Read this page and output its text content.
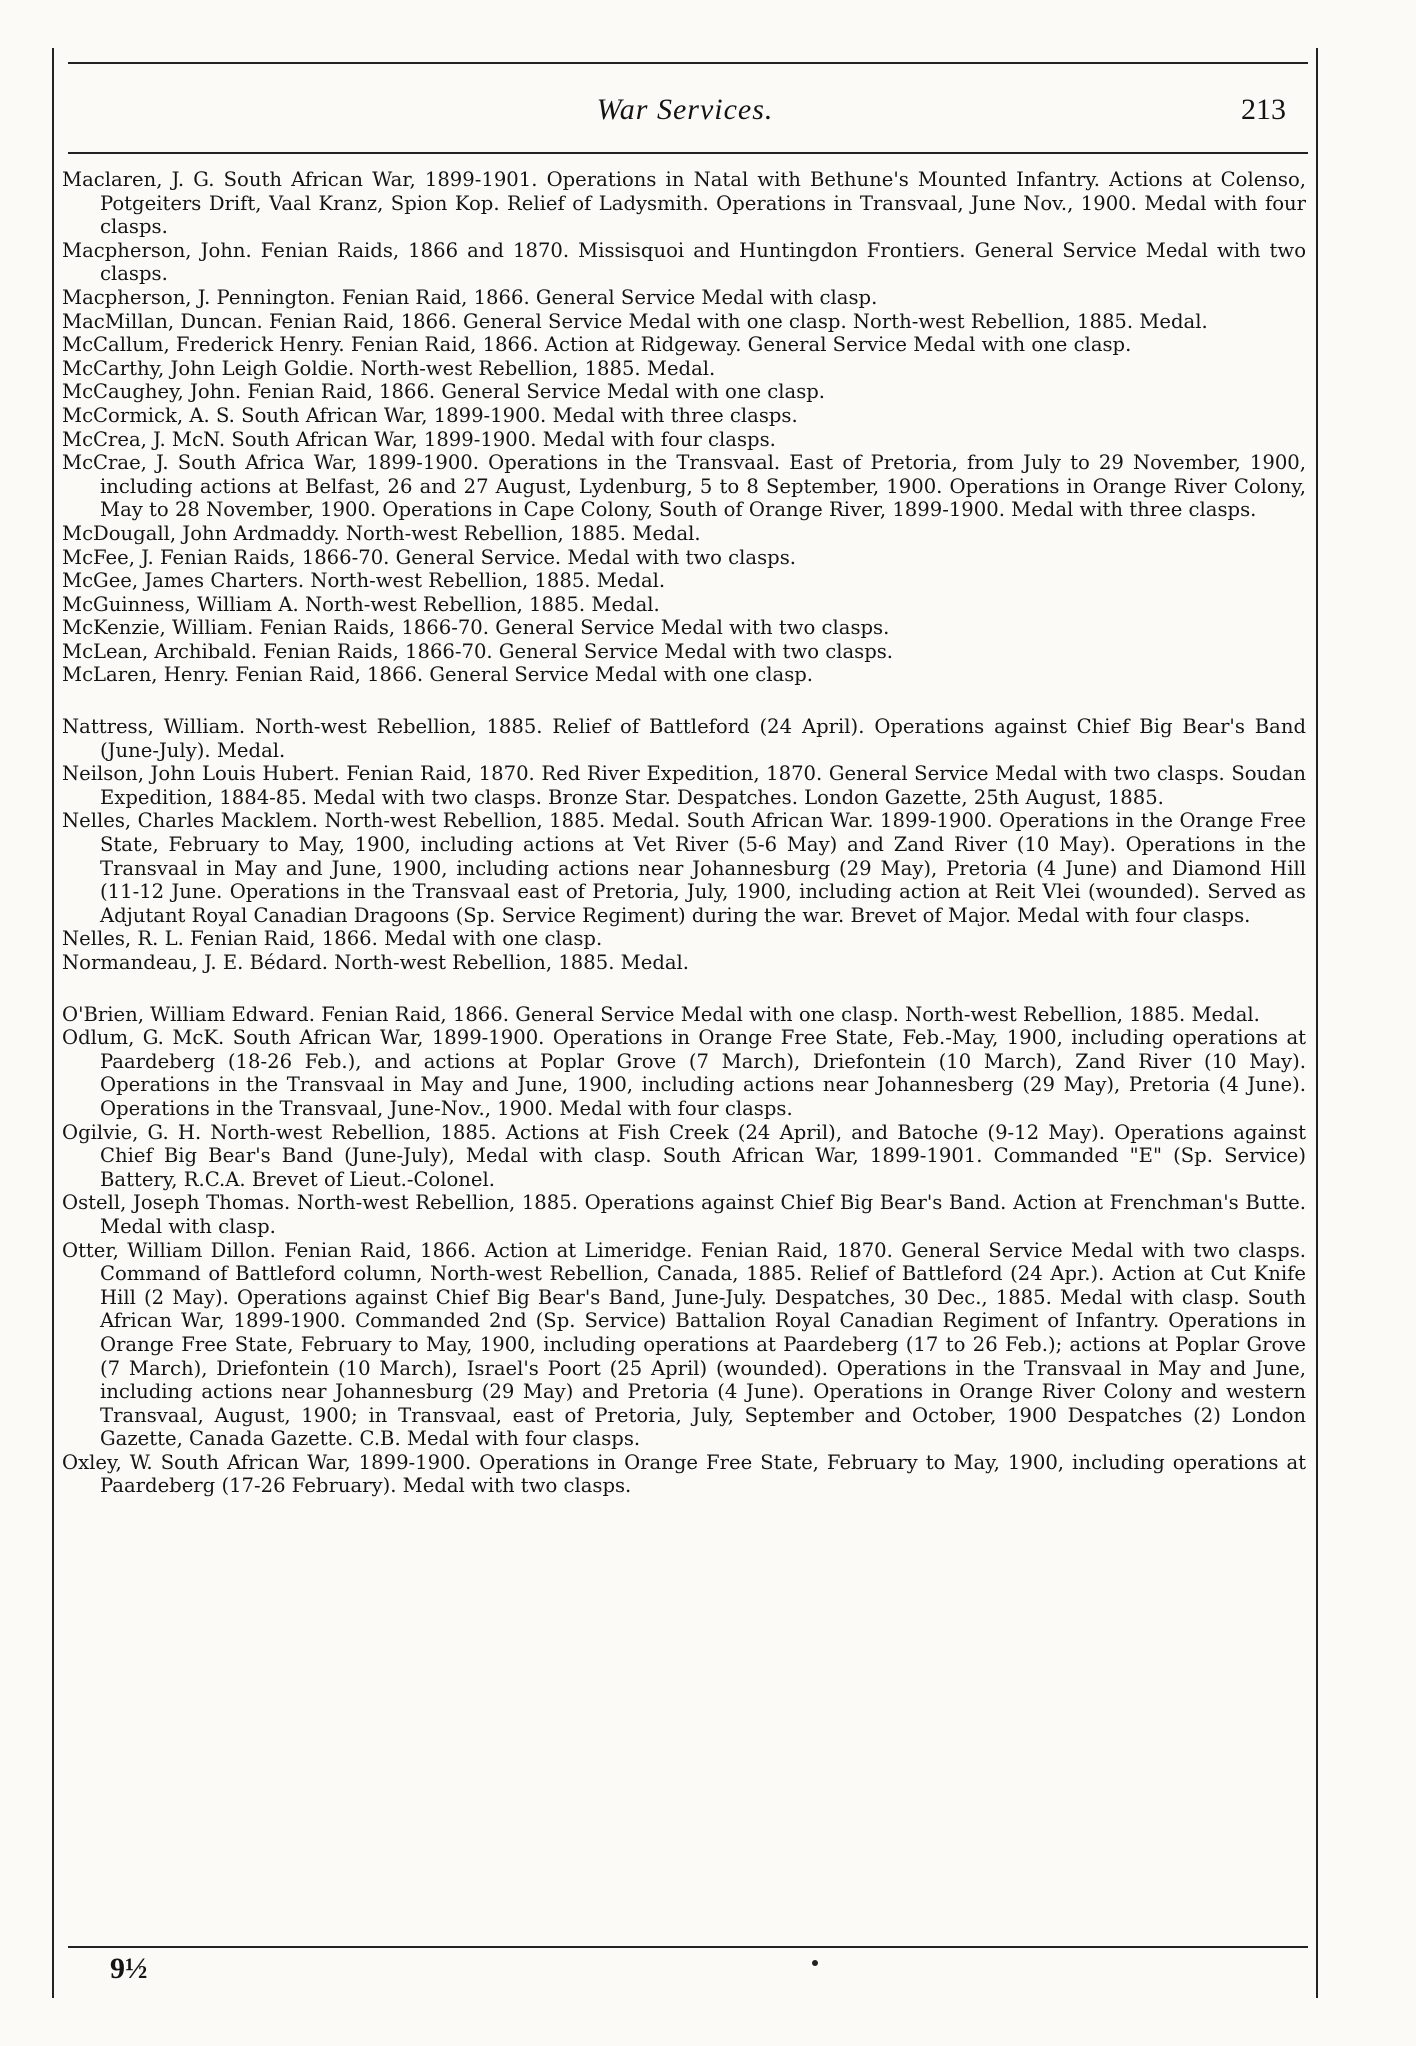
War Services.	213

Maclaren, J. G. South African War, 1899-1901. Operations in Natal with Bethune's Mounted Infantry. Actions at Colenso, Potgeiters Drift, Vaal Kranz, Spion Kop. Relief of Ladysmith. Operations in Transvaal, June Nov., 1900. Medal with four clasps.

Macpherson, John. Fenian Raids, 1866 and 1870. Missisquoi and Huntingdon Frontiers. General Service Medal with two clasps.

Macpherson, J. Pennington. Fenian Raid, 1866. General Service Medal with clasp.

MacMillan, Duncan. Fenian Raid, 1866. General Service Medal with one clasp. North-west Rebellion, 1885. Medal.

McCallum, Frederick Henry. Fenian Raid, 1866. Action at Ridgeway. General Service Medal with one clasp.

McCarthy, John Leigh Goldie. North-west Rebellion, 1885. Medal.

McCaughey, John. Fenian Raid, 1866. General Service Medal with one clasp.

McCormick, A. S. South African War, 1899-1900. Medal with three clasps.

McCrea, J. McN. South African War, 1899-1900. Medal with four clasps.

McCrae, J. South Africa War, 1899-1900. Operations in the Transvaal. East of Pretoria, from July to 29 November, 1900, including actions at Belfast, 26 and 27 August, Lydenburg, 5 to 8 September, 1900. Operations in Orange River Colony, May to 28 November, 1900. Operations in Cape Colony, South of Orange River, 1899-1900. Medal with three clasps.

McDougall, John Ardmaddy. North-west Rebellion, 1885. Medal.

McFee, J. Fenian Raids, 1866-70. General Service. Medal with two clasps.

McGee, James Charters. North-west Rebellion, 1885. Medal.

McGuinness, William A. North-west Rebellion, 1885. Medal.

McKenzie, William. Fenian Raids, 1866-70. General Service Medal with two clasps.

McLean, Archibald. Fenian Raids, 1866-70. General Service Medal with two clasps.

McLaren, Henry. Fenian Raid, 1866. General Service Medal with one clasp.

Nattress, William. North-west Rebellion, 1885. Relief of Battleford (24 April). Operations against Chief Big Bear's Band (June-July). Medal.

Neilson, John Louis Hubert. Fenian Raid, 1870. Red River Expedition, 1870. General Service Medal with two clasps. Soudan Expedition, 1884-85. Medal with two clasps. Bronze Star. Despatches. London Gazette, 25th August, 1885.

Nelles, Charles Macklem. North-west Rebellion, 1885. Medal. South African War. 1899-1900. Operations in the Orange Free State, February to May, 1900, including actions at Vet River (5-6 May) and Zand River (10 May). Operations in the Transvaal in May and June, 1900, including actions near Johannesburg (29 May), Pretoria (4 June) and Diamond Hill (11-12 June. Operations in the Transvaal east of Pretoria, July, 1900, including action at Reit Vlei (wounded). Served as Adjutant Royal Canadian Dragoons (Sp. Service Regiment) during the war. Brevet of Major. Medal with four clasps.

Nelles, R. L. Fenian Raid, 1866. Medal with one clasp.

Normandeau, J. E. Bédard. North-west Rebellion, 1885. Medal.

O'Brien, William Edward. Fenian Raid, 1866. General Service Medal with one clasp. North-west Rebellion, 1885. Medal.

Odlum, G. McK. South African War, 1899-1900. Operations in Orange Free State, Feb.-May, 1900, including operations at Paardeberg (18-26 Feb.), and actions at Poplar Grove (7 March), Driefontein (10 March), Zand River (10 May). Operations in the Transvaal in May and June, 1900, including actions near Johannesberg (29 May), Pretoria (4 June). Operations in the Transvaal, June-Nov., 1900. Medal with four clasps.

Ogilvie, G. H. North-west Rebellion, 1885. Actions at Fish Creek (24 April), and Batoche (9-12 May). Operations against Chief Big Bear's Band (June-July), Medal with clasp. South African War, 1899-1901. Commanded "E" (Sp. Service) Battery, R.C.A. Brevet of Lieut.-Colonel.

Ostell, Joseph Thomas. North-west Rebellion, 1885. Operations against Chief Big Bear's Band. Action at Frenchman's Butte. Medal with clasp.

Otter, William Dillon. Fenian Raid, 1866. Action at Limeridge. Fenian Raid, 1870. General Service Medal with two clasps. Command of Battleford column, North-west Rebellion, Canada, 1885. Relief of Battleford (24 Apr.). Action at Cut Knife Hill (2 May). Operations against Chief Big Bear's Band, June-July. Despatches, 30 Dec., 1885. Medal with clasp. South African War, 1899-1900. Commanded 2nd (Sp. Service) Battalion Royal Canadian Regiment of Infantry. Operations in Orange Free State, February to May, 1900, including operations at Paardeberg (17 to 26 Feb.); actions at Poplar Grove (7 March), Driefontein (10 March), Israel's Poort (25 April) (wounded). Operations in the Transvaal in May and June, including actions near Johannesburg (29 May) and Pretoria (4 June). Operations in Orange River Colony and western Transvaal, August, 1900; in Transvaal, east of Pretoria, July, September and October, 1900 Despatches (2) London Gazette, Canada Gazette. C.B. Medal with four clasps.

Oxley, W. South African War, 1899-1900. Operations in Orange Free State, February to May, 1900, including operations at Paardeberg (17-26 February). Medal with two clasps.

9½
